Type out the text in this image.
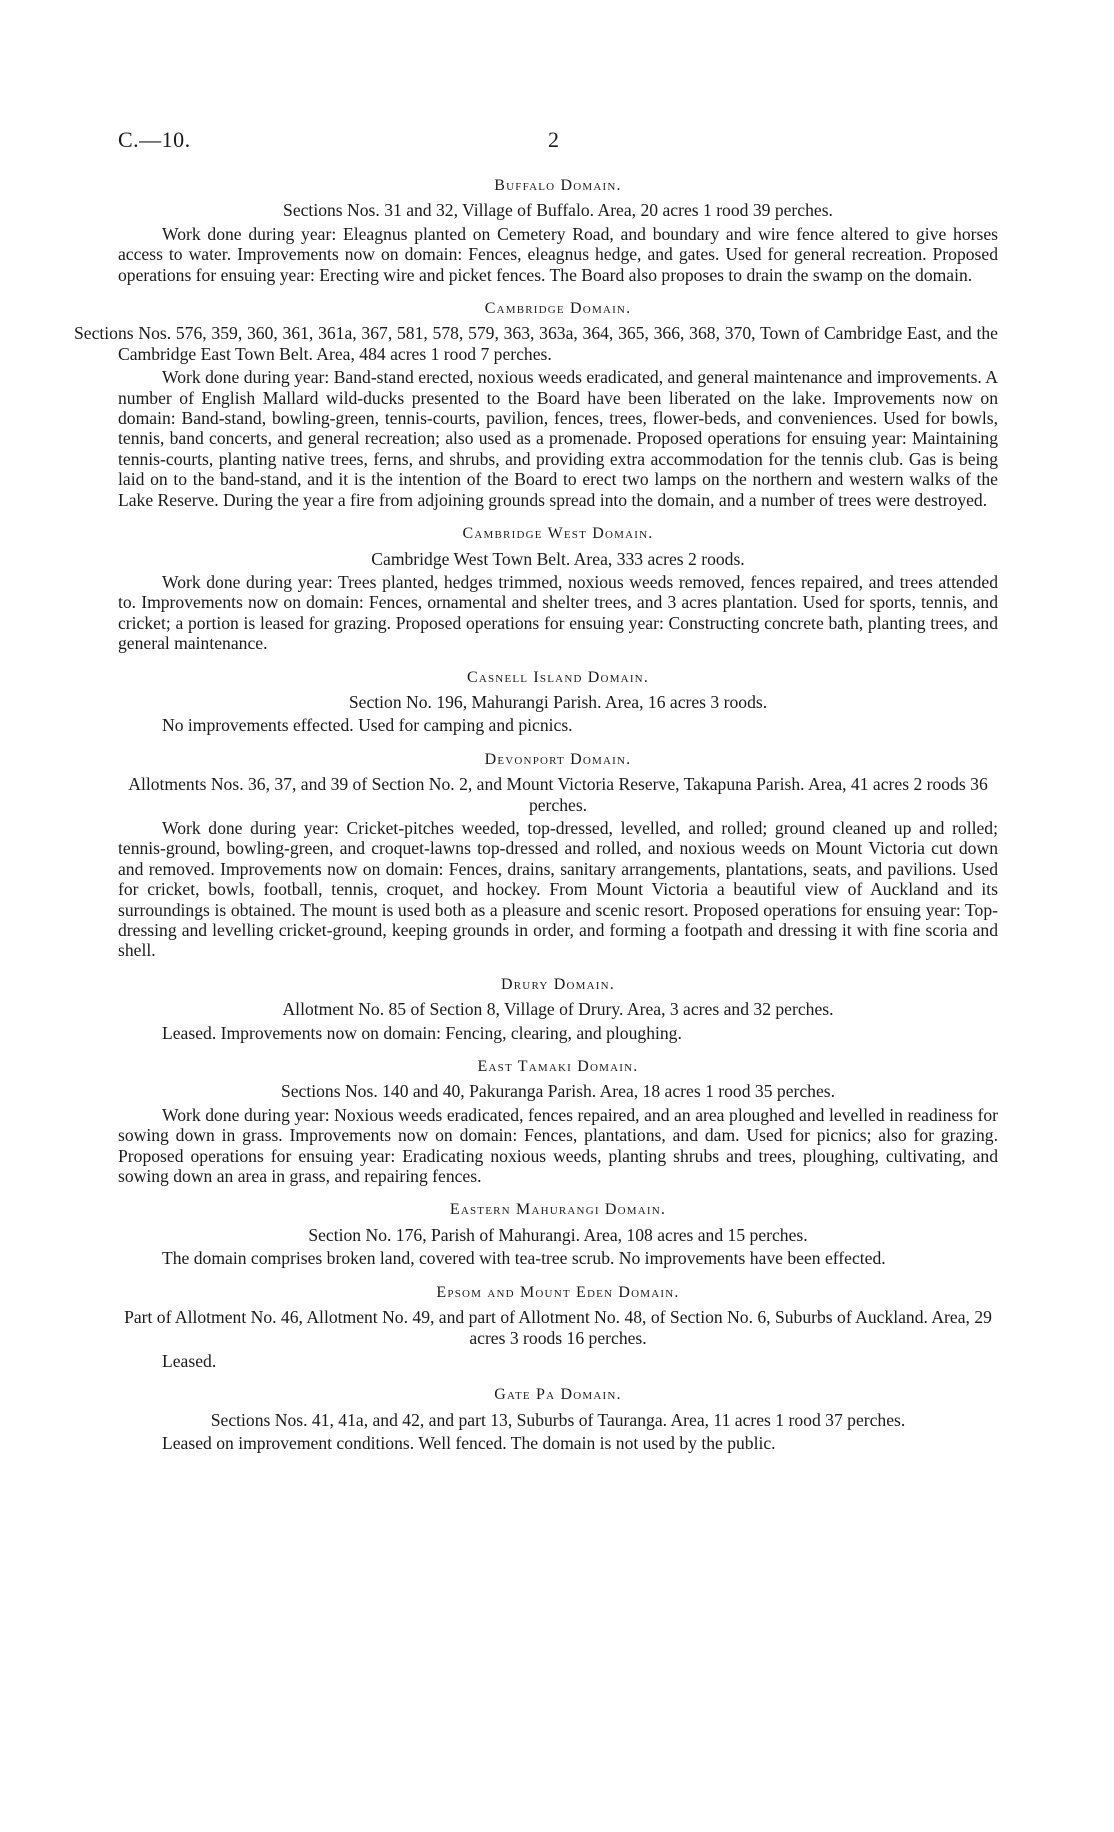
C.—10.	2
Buffalo Domain.

Sections Nos. 31 and 32, Village of Buffalo. Area, 20 acres 1 rood 39 perches.

Work done during year: Eleagnus planted on Cemetery Road, and boundary and wire fence altered to give horses access to water. Improvements now on domain: Fences, eleagnus hedge, and gates. Used for general recreation. Proposed operations for ensuing year: Erecting wire and picket fences. The Board also proposes to drain the swamp on the domain.

Cambridge Domain.

Sections Nos. 576, 359, 360, 361, 361a, 367, 581, 578, 579, 363, 363a, 364, 365, 366, 368, 370, Town of Cambridge East, and the Cambridge East Town Belt. Area, 484 acres 1 rood 7 perches.

Work done during year: Band-stand erected, noxious weeds eradicated, and general maintenance and improvements. A number of English Mallard wild-ducks presented to the Board have been liberated on the lake. Improvements now on domain: Band-stand, bowling-green, tennis-courts, pavilion, fences, trees, flower-beds, and conveniences. Used for bowls, tennis, band concerts, and general recreation; also used as a promenade. Proposed operations for ensuing year: Maintaining tennis-courts, planting native trees, ferns, and shrubs, and providing extra accommodation for the tennis club. Gas is being laid on to the band-stand, and it is the intention of the Board to erect two lamps on the northern and western walks of the Lake Reserve. During the year a fire from adjoining grounds spread into the domain, and a number of trees were destroyed.

Cambridge West Domain.

Cambridge West Town Belt. Area, 333 acres 2 roods.

Work done during year: Trees planted, hedges trimmed, noxious weeds removed, fences repaired, and trees attended to. Improvements now on domain: Fences, ornamental and shelter trees, and 3 acres plantation. Used for sports, tennis, and cricket; a portion is leased for grazing. Proposed operations for ensuing year: Constructing concrete bath, planting trees, and general maintenance.

Casnell Island Domain.

Section No. 196, Mahurangi Parish. Area, 16 acres 3 roods.

No improvements effected. Used for camping and picnics.

Devonport Domain.

Allotments Nos. 36, 37, and 39 of Section No. 2, and Mount Victoria Reserve, Takapuna Parish. Area, 41 acres 2 roods 36 perches.

Work done during year: Cricket-pitches weeded, top-dressed, levelled, and rolled; ground cleaned up and rolled; tennis-ground, bowling-green, and croquet-lawns top-dressed and rolled, and noxious weeds on Mount Victoria cut down and removed. Improvements now on domain: Fences, drains, sanitary arrangements, plantations, seats, and pavilions. Used for cricket, bowls, football, tennis, croquet, and hockey. From Mount Victoria a beautiful view of Auckland and its surroundings is obtained. The mount is used both as a pleasure and scenic resort. Proposed operations for ensuing year: Top-dressing and levelling cricket-ground, keeping grounds in order, and forming a footpath and dressing it with fine scoria and shell.

Drury Domain.

Allotment No. 85 of Section 8, Village of Drury. Area, 3 acres and 32 perches.

Leased. Improvements now on domain: Fencing, clearing, and ploughing.

East Tamaki Domain.

Sections Nos. 140 and 40, Pakuranga Parish. Area, 18 acres 1 rood 35 perches.

Work done during year: Noxious weeds eradicated, fences repaired, and an area ploughed and levelled in readiness for sowing down in grass. Improvements now on domain: Fences, plantations, and dam. Used for picnics; also for grazing. Proposed operations for ensuing year: Eradicating noxious weeds, planting shrubs and trees, ploughing, cultivating, and sowing down an area in grass, and repairing fences.

Eastern Mahurangi Domain.

Section No. 176, Parish of Mahurangi. Area, 108 acres and 15 perches.

The domain comprises broken land, covered with tea-tree scrub. No improvements have been effected.

Epsom and Mount Eden Domain.

Part of Allotment No. 46, Allotment No. 49, and part of Allotment No. 48, of Section No. 6, Suburbs of Auckland. Area, 29 acres 3 roods 16 perches.

Leased.

Gate Pa Domain.

Sections Nos. 41, 41a, and 42, and part 13, Suburbs of Tauranga. Area, 11 acres 1 rood 37 perches.

Leased on improvement conditions. Well fenced. The domain is not used by the public.
